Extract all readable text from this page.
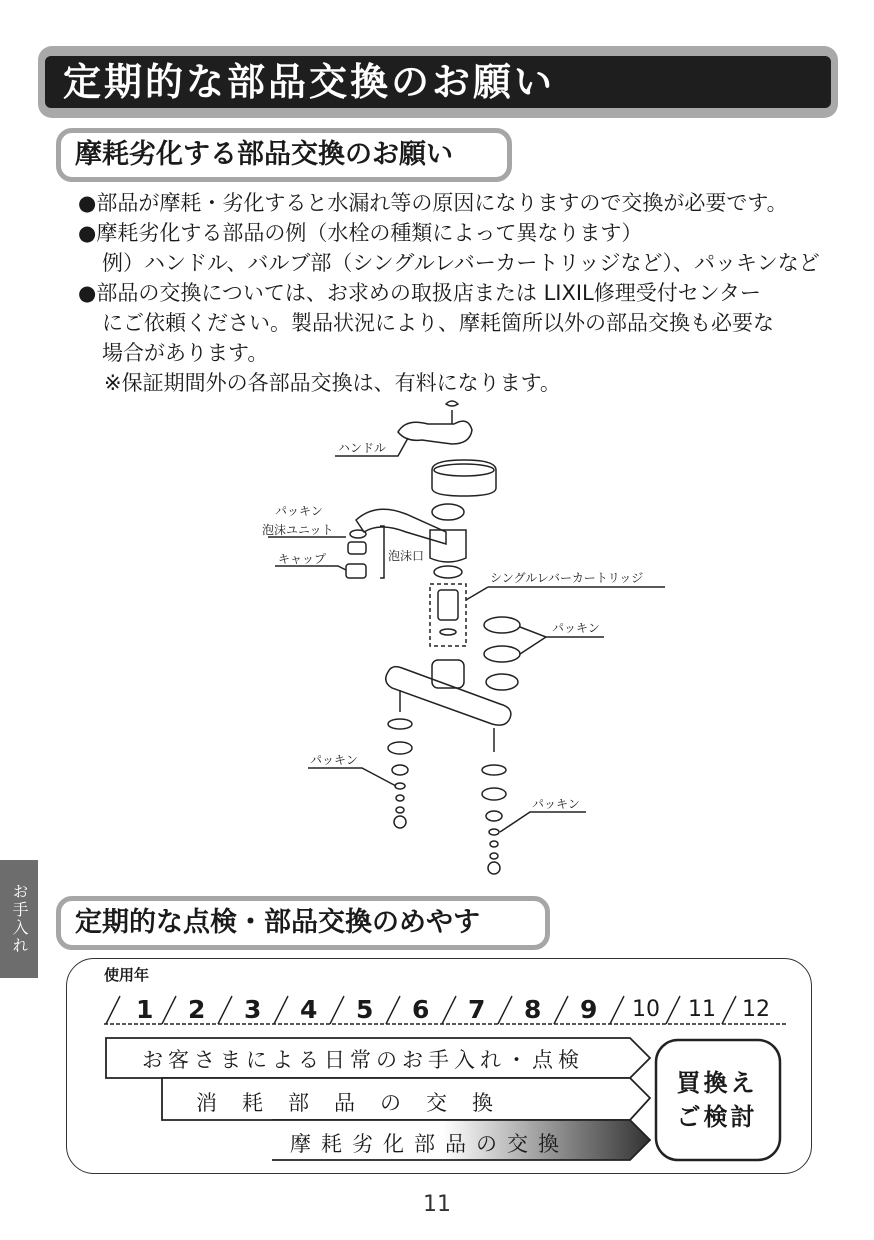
定期的な部品交換のお願い
摩耗劣化する部品交換のお願い
●部品が摩耗・劣化すると水漏れ等の原因になりますので交換が必要です。
●摩耗劣化する部品の例（水栓の種類によって異なります）
例）ハンドル、バルブ部（シングルレバーカートリッジなど）、パッキンなど
●部品の交換については、お求めの取扱店または LIXIL修理受付センター
にご依頼ください。製品状況により、摩耗箇所以外の部品交換も必要な
場合があります。
※保証期間外の各部品交換は、有料になります。
ハンドル
パッキン
泡沫ユニット
キャップ	泡沫口
シングルレバーカートリッジ
パッキン
パッキン
パッキン
お手入れ	定期的な点検・部品交換のめやす
使用年
1 2 3 4 5 6 7 8 9 10 11 12
お客さまによる日常のお手入れ・点検
消　耗　部　品　の　交　換
摩耗劣化部品の交換
買換え
ご検討
11
